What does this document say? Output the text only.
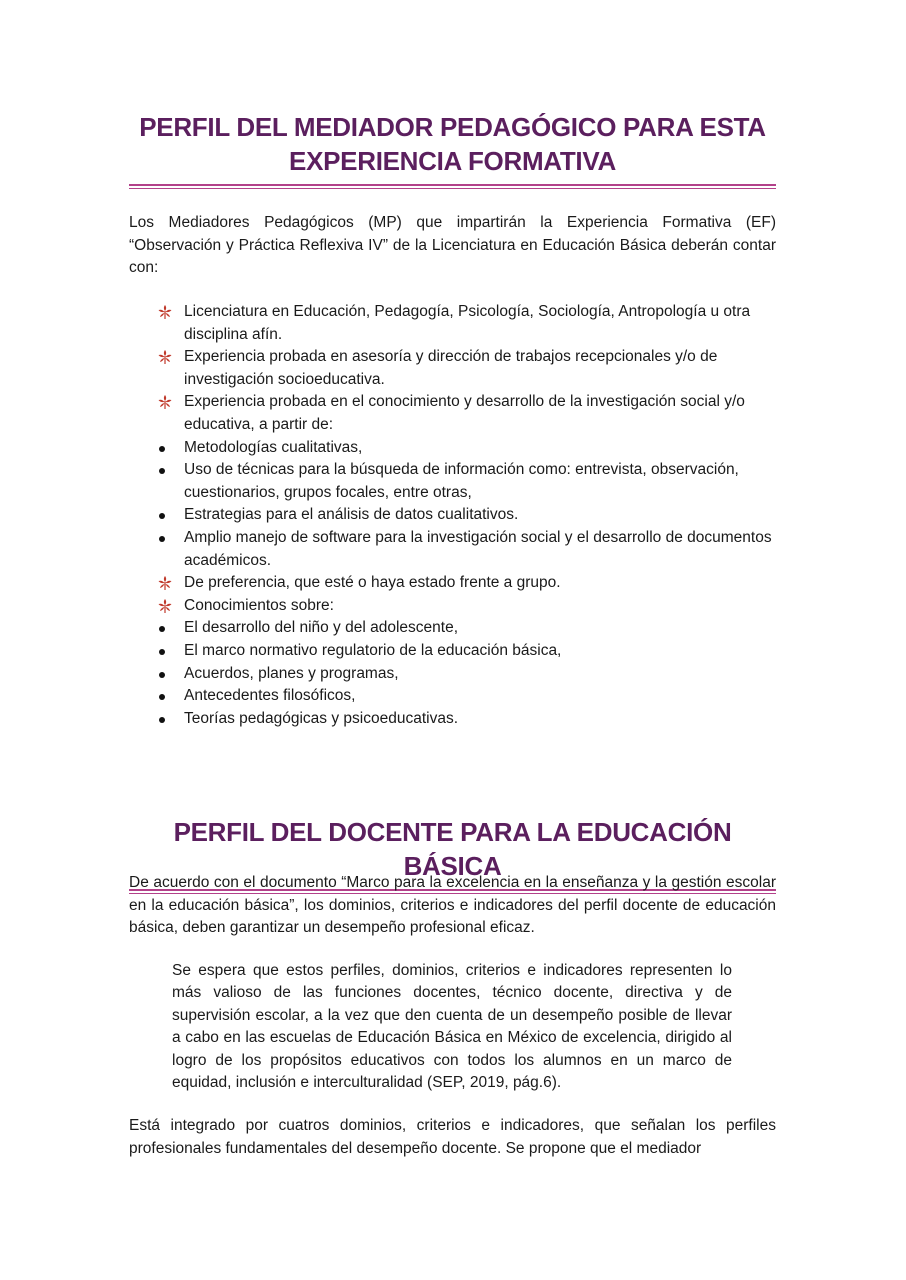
PERFIL DEL MEDIADOR PEDAGÓGICO PARA ESTA
EXPERIENCIA FORMATIVA

Los Mediadores Pedagógicos (MP) que impartirán la Experiencia Formativa (EF) “Observación y Práctica Reflexiva IV” de la Licenciatura en Educación Básica deberán contar con:

Licenciatura en Educación, Pedagogía, Psicología, Sociología, Antropología u otra disciplina afín.
Experiencia probada en asesoría y dirección de trabajos recepcionales y/o de investigación socioeducativa.
Experiencia probada en el conocimiento y desarrollo de la investigación social y/o educativa, a partir de:
Metodologías cualitativas,
Uso de técnicas para la búsqueda de información como: entrevista, observación, cuestionarios, grupos focales, entre otras,
Estrategias para el análisis de datos cualitativos.
Amplio manejo de software para la investigación social y el desarrollo de documentos académicos.
De preferencia, que esté o haya estado frente a grupo.
Conocimientos sobre:
El desarrollo del niño y del adolescente,
El marco normativo regulatorio de la educación básica,
Acuerdos, planes y programas,
Antecedentes filosóficos,
Teorías pedagógicas y psicoeducativas.
PERFIL DEL DOCENTE PARA LA EDUCACIÓN BÁSICA

De acuerdo con el documento “Marco para la excelencia en la enseñanza y la gestión escolar en la educación básica”, los dominios, criterios e indicadores del perfil docente de educación básica, deben garantizar un desempeño profesional eficaz.

Se espera que estos perfiles, dominios, criterios e indicadores representen lo más valioso de las funciones docentes, técnico docente, directiva y de supervisión escolar, a la vez que den cuenta de un desempeño posible de llevar a cabo en las escuelas de Educación Básica en México de excelencia, dirigido al logro de los propósitos educativos con todos los alumnos en un marco de equidad, inclusión e interculturalidad (SEP, 2019, pág.6).

Está integrado por cuatros dominios, criterios e indicadores, que señalan los perfiles profesionales fundamentales del desempeño docente. Se propone que el mediador
